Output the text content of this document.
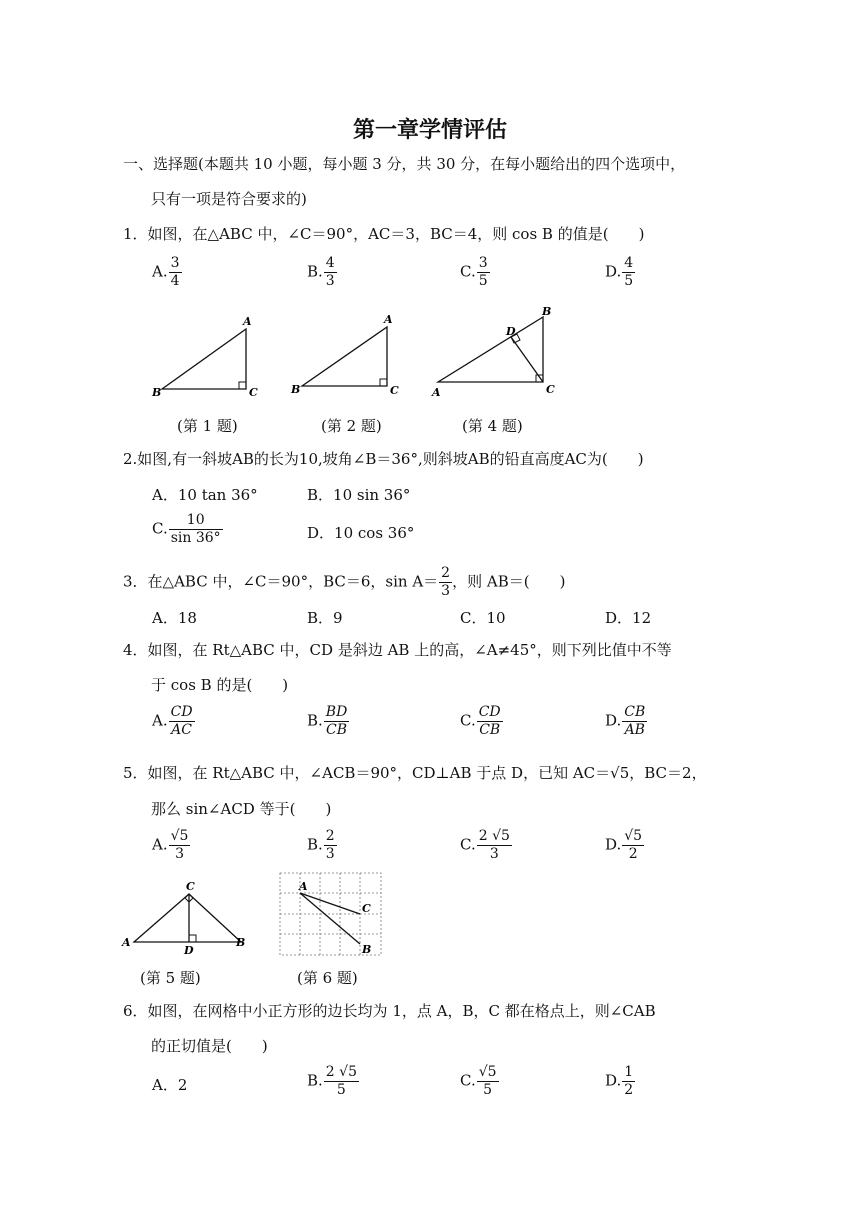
第一章学情评估
一、选择题(本题共 10 小题，每小题 3 分，共 30 分，在每小题给出的四个选项中，
只有一项是符合要求的)
1．如图，在△ABC 中，∠C＝90°，AC＝3，BC＝4，则 cos B 的值是(　　)
A. $\frac{3}{4}$	B. $\frac{4}{3}$	C. $\frac{3}{5}$	D. $\frac{4}{5}$
A
B	C
A
B	C	A
B
C
D
(第 1 题)	(第 2 题)	(第 4 题)
2.如图,有一斜坡AB的长为10,坡角∠B＝36°,则斜坡AB的铅直高度AC为(　　)
A．10 tan 36°	B．10 sin 36°
C. $\frac{10}{\sin 36^\circ}$	D．10 cos 36°
3．在△ABC 中，∠C＝90°，BC＝6，$\sin A= \frac{2}{3}$ ，则 AB＝(　　)
A．18	B．9	C．10	D．12
4．如图，在 Rt△ABC 中，CD 是斜边 AB 上的高，∠A≠45°，则下列比值中不等
于 cos B 的是(　　)
A. $\frac{CD}{AC}$	B. $\frac{BD}{CB}$	C. $\frac{CD}{CB}$	D. $\frac{CB}{AB}$
5．如图，在 Rt△ABC 中，∠ACB＝90°，CD⊥AB 于点 D，已知 AC＝√5，BC＝2，
那么 sin∠ACD 等于(　　)
A. $\frac{√5}{3}$	B. $\frac{2}{3}$	C. $\frac{2 √5}{3}$	D. $\frac{√5}{2}$
C
A	B
D
A
C
B
(第 5 题)	(第 6 题)
6．如图，在网格中小正方形的边长均为 1，点 A，B，C 都在格点上，则∠CAB
的正切值是(　　)
A．2	B. $\frac{2 √5}{5}$	C. $\frac{√5}{5}$	D. $\frac{1}{2}$
